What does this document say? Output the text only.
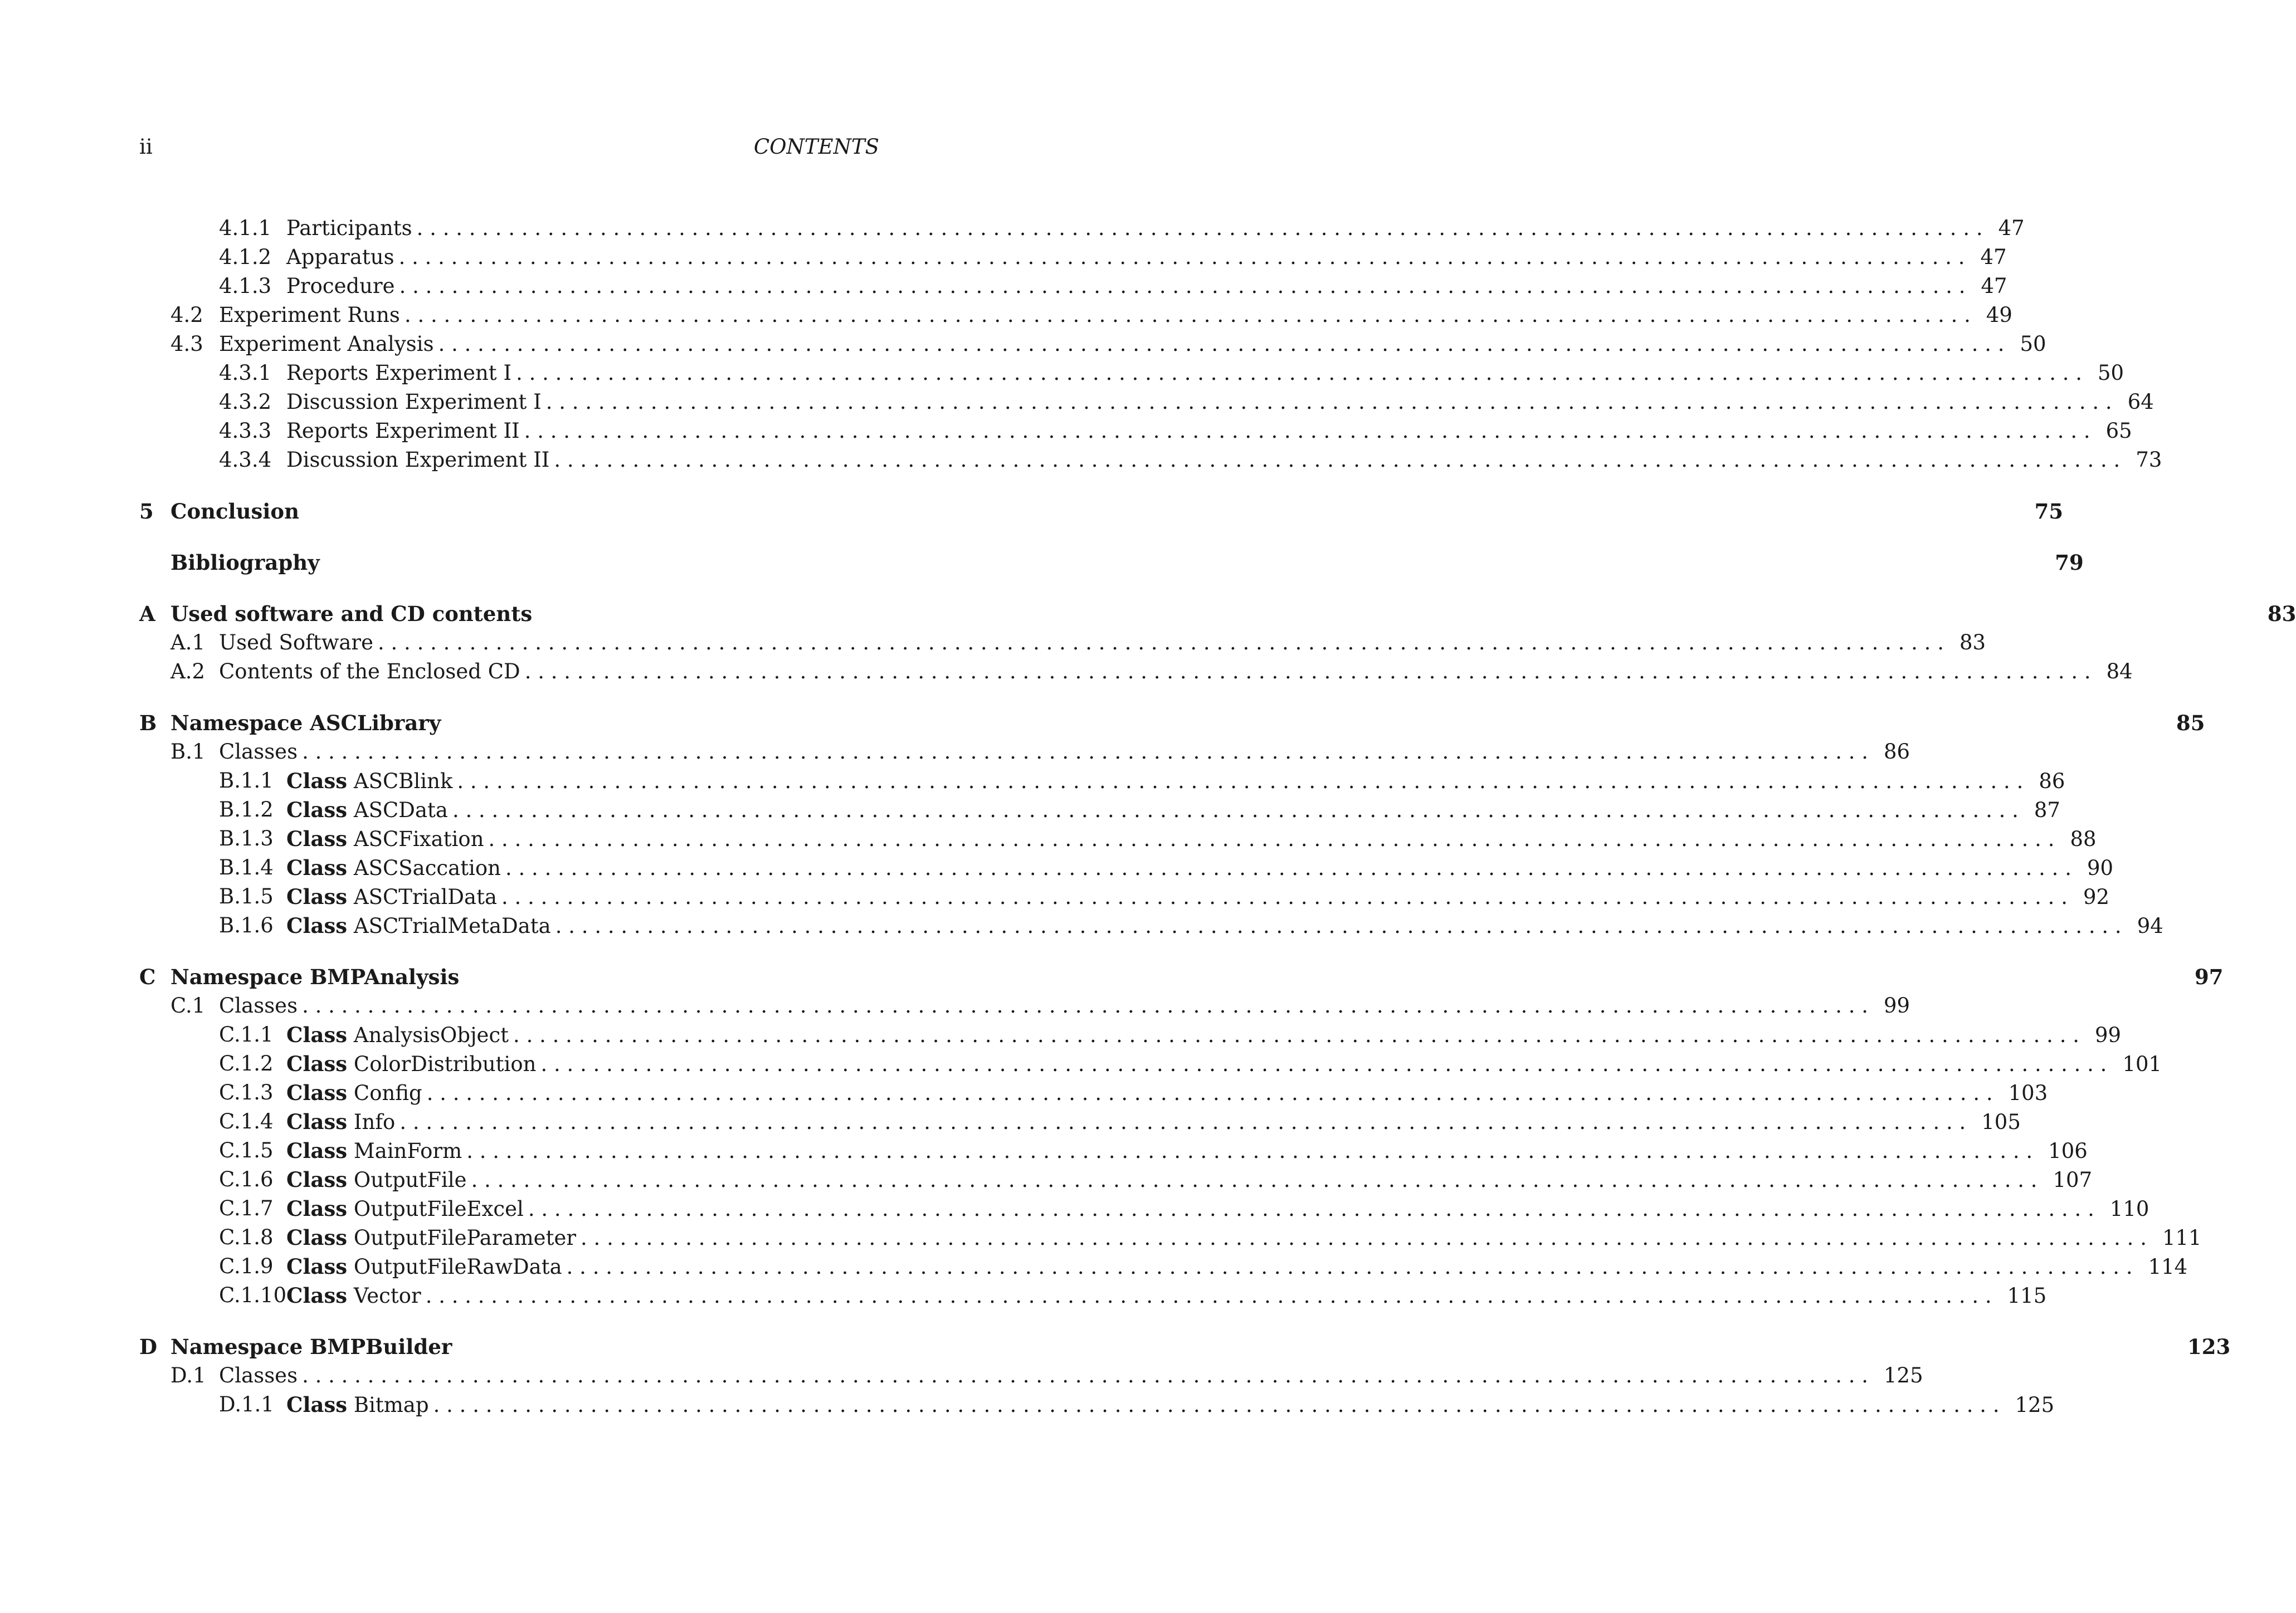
ii	CONTENTS
4.1.1 Participants . . . . . . . . . . . . . . . . . . . . . . . . . . . . . . . . . . . . . . . . . . . . . . . . . . . . . . . . . . . . . . . . . . . . . . . . . . . . . . . . . . . . . . . . . . . . . . . . . . . . . . . . . . . . . . . . . . . . . . . . 47
4.1.2 Apparatus . . . . . . . . . . . . . . . . . . . . . . . . . . . . . . . . . . . . . . . . . . . . . . . . . . . . . . . . . . . . . . . . . . . . . . . . . . . . . . . . . . . . . . . . . . . . . . . . . . . . . . . . . . . . . . . . . . . . . . . . 47
4.1.3 Procedure . . . . . . . . . . . . . . . . . . . . . . . . . . . . . . . . . . . . . . . . . . . . . . . . . . . . . . . . . . . . . . . . . . . . . . . . . . . . . . . . . . . . . . . . . . . . . . . . . . . . . . . . . . . . . . . . . . . . . . . . 47
4.2 Experiment Runs . . . . . . . . . . . . . . . . . . . . . . . . . . . . . . . . . . . . . . . . . . . . . . . . . . . . . . . . . . . . . . . . . . . . . . . . . . . . . . . . . . . . . . . . . . . . . . . . . . . . . . . . . . . . . . . . . . . . . . . . 49
4.3 Experiment Analysis . . . . . . . . . . . . . . . . . . . . . . . . . . . . . . . . . . . . . . . . . . . . . . . . . . . . . . . . . . . . . . . . . . . . . . . . . . . . . . . . . . . . . . . . . . . . . . . . . . . . . . . . . . . . . . . . . . . . . . . . 50
4.3.1 Reports Experiment I . . . . . . . . . . . . . . . . . . . . . . . . . . . . . . . . . . . . . . . . . . . . . . . . . . . . . . . . . . . . . . . . . . . . . . . . . . . . . . . . . . . . . . . . . . . . . . . . . . . . . . . . . . . . . . . . . . . . . . . . 50
4.3.2 Discussion Experiment I . . . . . . . . . . . . . . . . . . . . . . . . . . . . . . . . . . . . . . . . . . . . . . . . . . . . . . . . . . . . . . . . . . . . . . . . . . . . . . . . . . . . . . . . . . . . . . . . . . . . . . . . . . . . . . . . . . . . . . . . 64
4.3.3 Reports Experiment II . . . . . . . . . . . . . . . . . . . . . . . . . . . . . . . . . . . . . . . . . . . . . . . . . . . . . . . . . . . . . . . . . . . . . . . . . . . . . . . . . . . . . . . . . . . . . . . . . . . . . . . . . . . . . . . . . . . . . . . . 65
4.3.4 Discussion Experiment II . . . . . . . . . . . . . . . . . . . . . . . . . . . . . . . . . . . . . . . . . . . . . . . . . . . . . . . . . . . . . . . . . . . . . . . . . . . . . . . . . . . . . . . . . . . . . . . . . . . . . . . . . . . . . . . . . . . . . . . . 73
5 Conclusion	75
Bibliography	79
A Used software and CD contents	83
A.1 Used Software . . . . . . . . . . . . . . . . . . . . . . . . . . . . . . . . . . . . . . . . . . . . . . . . . . . . . . . . . . . . . . . . . . . . . . . . . . . . . . . . . . . . . . . . . . . . . . . . . . . . . . . . . . . . . . . . . . . . . . . . 83
A.2 Contents of the Enclosed CD . . . . . . . . . . . . . . . . . . . . . . . . . . . . . . . . . . . . . . . . . . . . . . . . . . . . . . . . . . . . . . . . . . . . . . . . . . . . . . . . . . . . . . . . . . . . . . . . . . . . . . . . . . . . . . . . . . . . . . . . 84
B Namespace ASCLibrary	85
B.1 Classes . . . . . . . . . . . . . . . . . . . . . . . . . . . . . . . . . . . . . . . . . . . . . . . . . . . . . . . . . . . . . . . . . . . . . . . . . . . . . . . . . . . . . . . . . . . . . . . . . . . . . . . . . . . . . . . . . . . . . . . . 86
B.1.1 Class ASCBlink . . . . . . . . . . . . . . . . . . . . . . . . . . . . . . . . . . . . . . . . . . . . . . . . . . . . . . . . . . . . . . . . . . . . . . . . . . . . . . . . . . . . . . . . . . . . . . . . . . . . . . . . . . . . . . . . . . . . . . . . 86
B.1.2 Class ASCData . . . . . . . . . . . . . . . . . . . . . . . . . . . . . . . . . . . . . . . . . . . . . . . . . . . . . . . . . . . . . . . . . . . . . . . . . . . . . . . . . . . . . . . . . . . . . . . . . . . . . . . . . . . . . . . . . . . . . . . . 87
B.1.3 Class ASCFixation . . . . . . . . . . . . . . . . . . . . . . . . . . . . . . . . . . . . . . . . . . . . . . . . . . . . . . . . . . . . . . . . . . . . . . . . . . . . . . . . . . . . . . . . . . . . . . . . . . . . . . . . . . . . . . . . . . . . . . . . 88
B.1.4 Class ASCSaccation . . . . . . . . . . . . . . . . . . . . . . . . . . . . . . . . . . . . . . . . . . . . . . . . . . . . . . . . . . . . . . . . . . . . . . . . . . . . . . . . . . . . . . . . . . . . . . . . . . . . . . . . . . . . . . . . . . . . . . . . 90
B.1.5 Class ASCTrialData . . . . . . . . . . . . . . . . . . . . . . . . . . . . . . . . . . . . . . . . . . . . . . . . . . . . . . . . . . . . . . . . . . . . . . . . . . . . . . . . . . . . . . . . . . . . . . . . . . . . . . . . . . . . . . . . . . . . . . . . 92
B.1.6 Class ASCTrialMetaData . . . . . . . . . . . . . . . . . . . . . . . . . . . . . . . . . . . . . . . . . . . . . . . . . . . . . . . . . . . . . . . . . . . . . . . . . . . . . . . . . . . . . . . . . . . . . . . . . . . . . . . . . . . . . . . . . . . . . . . . 94
C Namespace BMPAnalysis	97
C.1 Classes . . . . . . . . . . . . . . . . . . . . . . . . . . . . . . . . . . . . . . . . . . . . . . . . . . . . . . . . . . . . . . . . . . . . . . . . . . . . . . . . . . . . . . . . . . . . . . . . . . . . . . . . . . . . . . . . . . . . . . . . 99
C.1.1 Class AnalysisObject . . . . . . . . . . . . . . . . . . . . . . . . . . . . . . . . . . . . . . . . . . . . . . . . . . . . . . . . . . . . . . . . . . . . . . . . . . . . . . . . . . . . . . . . . . . . . . . . . . . . . . . . . . . . . . . . . . . . . . . . 99
C.1.2 Class ColorDistribution . . . . . . . . . . . . . . . . . . . . . . . . . . . . . . . . . . . . . . . . . . . . . . . . . . . . . . . . . . . . . . . . . . . . . . . . . . . . . . . . . . . . . . . . . . . . . . . . . . . . . . . . . . . . . . . . . . . . . . . . 101
C.1.3 Class Config . . . . . . . . . . . . . . . . . . . . . . . . . . . . . . . . . . . . . . . . . . . . . . . . . . . . . . . . . . . . . . . . . . . . . . . . . . . . . . . . . . . . . . . . . . . . . . . . . . . . . . . . . . . . . . . . . . . . . . . . 103
C.1.4 Class Info . . . . . . . . . . . . . . . . . . . . . . . . . . . . . . . . . . . . . . . . . . . . . . . . . . . . . . . . . . . . . . . . . . . . . . . . . . . . . . . . . . . . . . . . . . . . . . . . . . . . . . . . . . . . . . . . . . . . . . . . 105
C.1.5 Class MainForm . . . . . . . . . . . . . . . . . . . . . . . . . . . . . . . . . . . . . . . . . . . . . . . . . . . . . . . . . . . . . . . . . . . . . . . . . . . . . . . . . . . . . . . . . . . . . . . . . . . . . . . . . . . . . . . . . . . . . . . . 106
C.1.6 Class OutputFile . . . . . . . . . . . . . . . . . . . . . . . . . . . . . . . . . . . . . . . . . . . . . . . . . . . . . . . . . . . . . . . . . . . . . . . . . . . . . . . . . . . . . . . . . . . . . . . . . . . . . . . . . . . . . . . . . . . . . . . . 107
C.1.7 Class OutputFileExcel . . . . . . . . . . . . . . . . . . . . . . . . . . . . . . . . . . . . . . . . . . . . . . . . . . . . . . . . . . . . . . . . . . . . . . . . . . . . . . . . . . . . . . . . . . . . . . . . . . . . . . . . . . . . . . . . . . . . . . . . 110
C.1.8 Class OutputFileParameter . . . . . . . . . . . . . . . . . . . . . . . . . . . . . . . . . . . . . . . . . . . . . . . . . . . . . . . . . . . . . . . . . . . . . . . . . . . . . . . . . . . . . . . . . . . . . . . . . . . . . . . . . . . . . . . . . . . . . . . . 111
C.1.9 Class OutputFileRawData . . . . . . . . . . . . . . . . . . . . . . . . . . . . . . . . . . . . . . . . . . . . . . . . . . . . . . . . . . . . . . . . . . . . . . . . . . . . . . . . . . . . . . . . . . . . . . . . . . . . . . . . . . . . . . . . . . . . . . . . 114
C.1.10 Class Vector . . . . . . . . . . . . . . . . . . . . . . . . . . . . . . . . . . . . . . . . . . . . . . . . . . . . . . . . . . . . . . . . . . . . . . . . . . . . . . . . . . . . . . . . . . . . . . . . . . . . . . . . . . . . . . . . . . . . . . . . 115
D Namespace BMPBuilder	123
D.1 Classes . . . . . . . . . . . . . . . . . . . . . . . . . . . . . . . . . . . . . . . . . . . . . . . . . . . . . . . . . . . . . . . . . . . . . . . . . . . . . . . . . . . . . . . . . . . . . . . . . . . . . . . . . . . . . . . . . . . . . . . . 125
D.1.1 Class Bitmap . . . . . . . . . . . . . . . . . . . . . . . . . . . . . . . . . . . . . . . . . . . . . . . . . . . . . . . . . . . . . . . . . . . . . . . . . . . . . . . . . . . . . . . . . . . . . . . . . . . . . . . . . . . . . . . . . . . . . . . . 125
